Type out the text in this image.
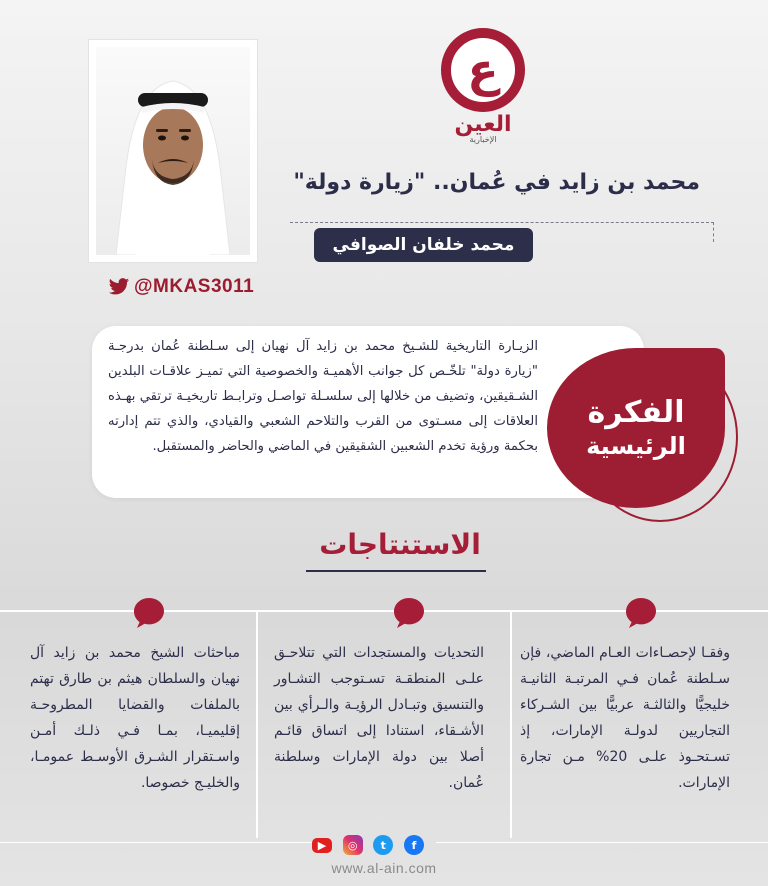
@MKAS3011
ع
العين
الإخبارية
محمد بن زايد في عُمان.. "زيارة دولة"
محمد خلفان الصوافي
الزيـارة التاريخية للشـيخ محمد بن زايد آل نهيان إلى سـلطنة عُمان بدرجـة "زيارة دولة" تلخّـص كل جوانب الأهميـة والخصوصية التي تميـز علاقـات البلدين الشـقيقين، وتضيف من خلالها إلى سلسـلة تواصـل وترابـط تاريخيـة ترتقي بهـذه العلاقات إلى مسـتوى من القرب والتلاحم الشعبي والقيادي، والذي تتم إدارته بحكمة ورؤية تخدم الشعبين الشقيقين في الماضي والحاضر والمستقبل.
الفكرة
الرئيسية
الاستنتاجات
وفقـا لإحصـاءات العـام الماضي، فإن سـلطنة عُمان فـي المرتبـة الثانيـة خليجيًّا والثالثـة عربيًّا بين الشـركاء التجاريين لدولـة الإمارات، إذ تسـتحـوذ علـى 20% مـن تجارة الإمارات.
التحديات والمستجدات التي تتلاحـق علـى المنطقـة تسـتوجب التشـاور والتنسيق وتبـادل الرؤيـة والـرأي بين الأشـقاء، استنادا إلى اتساق قائـم أصلا بين دولة الإمارات وسلطنة عُمان.
مباحثات الشيخ محمد بن زايد آل نهيان والسلطان هيثم بن طارق تهتم بالملفات والقضايا المطروحـة إقليميـا، بمـا فـي ذلـك أمـن واسـتقرار الشـرق الأوسـط عمومـا، والخليـج خصوصا.
▶	◎	t	f
www.al-ain.com
